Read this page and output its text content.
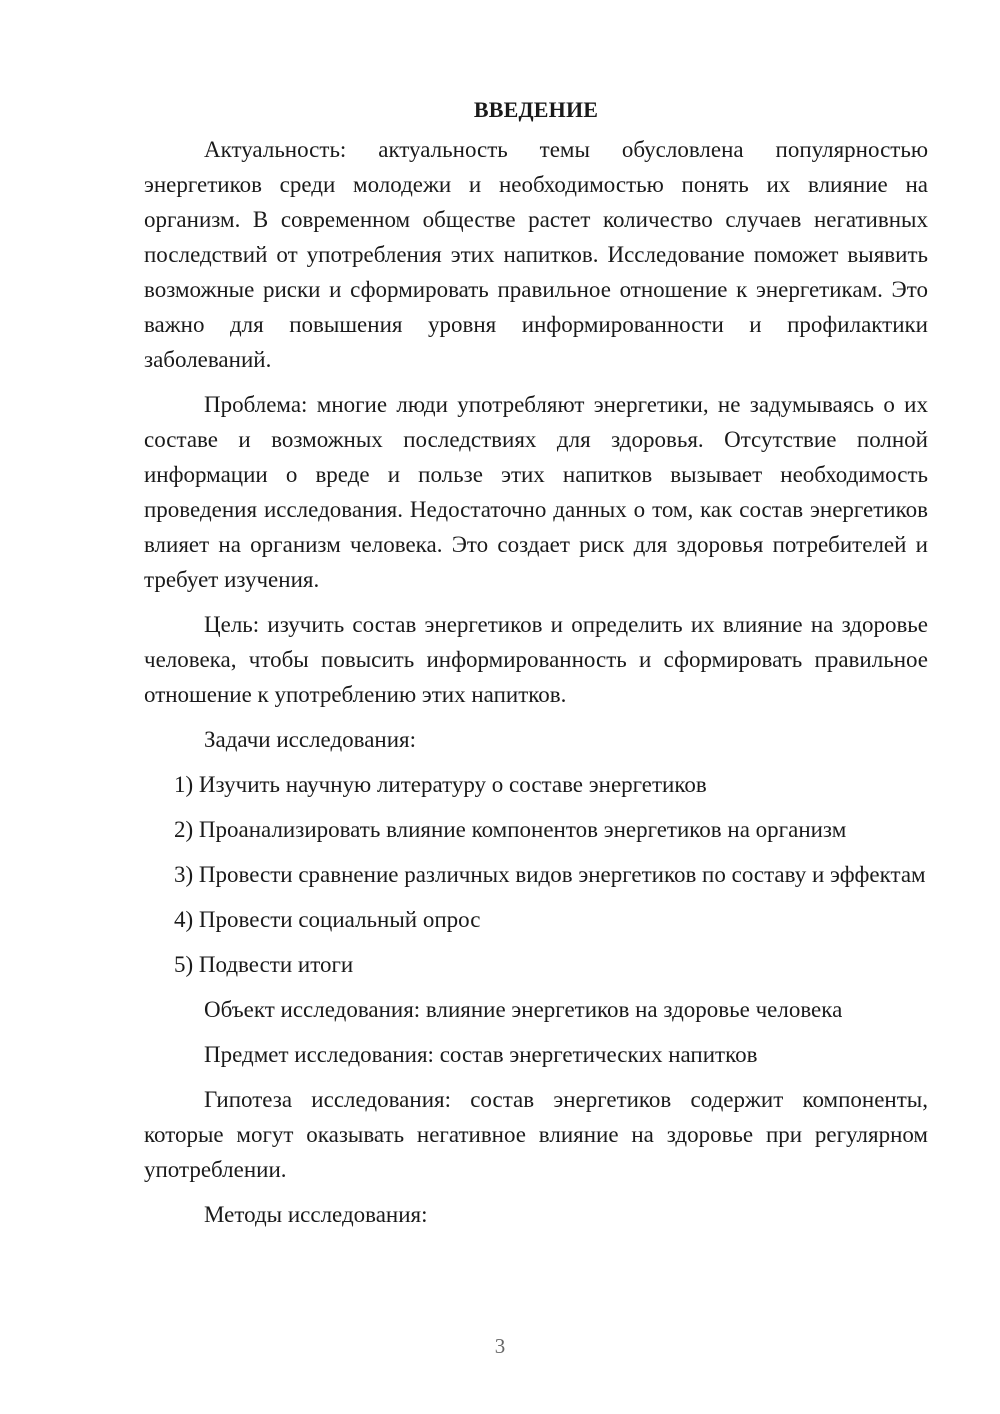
ВВЕДЕНИЕ

Актуальность: актуальность темы обусловлена популярностью энергетиков среди молодежи и необходимостью понять их влияние на организм. В современном обществе растет количество случаев негативных последствий от употребления этих напитков. Исследование поможет выявить возможные риски и сформировать правильное отношение к энергетикам. Это важно для повышения уровня информированности и профилактики заболеваний.

Проблема: многие люди употребляют энергетики, не задумываясь о их составе и возможных последствиях для здоровья. Отсутствие полной информации о вреде и пользе этих напитков вызывает необходимость проведения исследования. Недостаточно данных о том, как состав энергетиков влияет на организм человека. Это создает риск для здоровья потребителей и требует изучения.

Цель: изучить состав энергетиков и определить их влияние на здоровье человека, чтобы повысить информированность и сформировать правильное отношение к употреблению этих напитков.

Задачи исследования:

1) Изучить научную литературу о составе энергетиков

2) Проанализировать влияние компонентов энергетиков на организм

3) Провести сравнение различных видов энергетиков по составу и эффектам

4) Провести социальный опрос

5) Подвести итоги

Объект исследования: влияние энергетиков на здоровье человека

Предмет исследования: состав энергетических напитков

Гипотеза исследования: состав энергетиков содержит компоненты, которые могут оказывать негативное влияние на здоровье при регулярном употреблении.

Методы исследования:

3
